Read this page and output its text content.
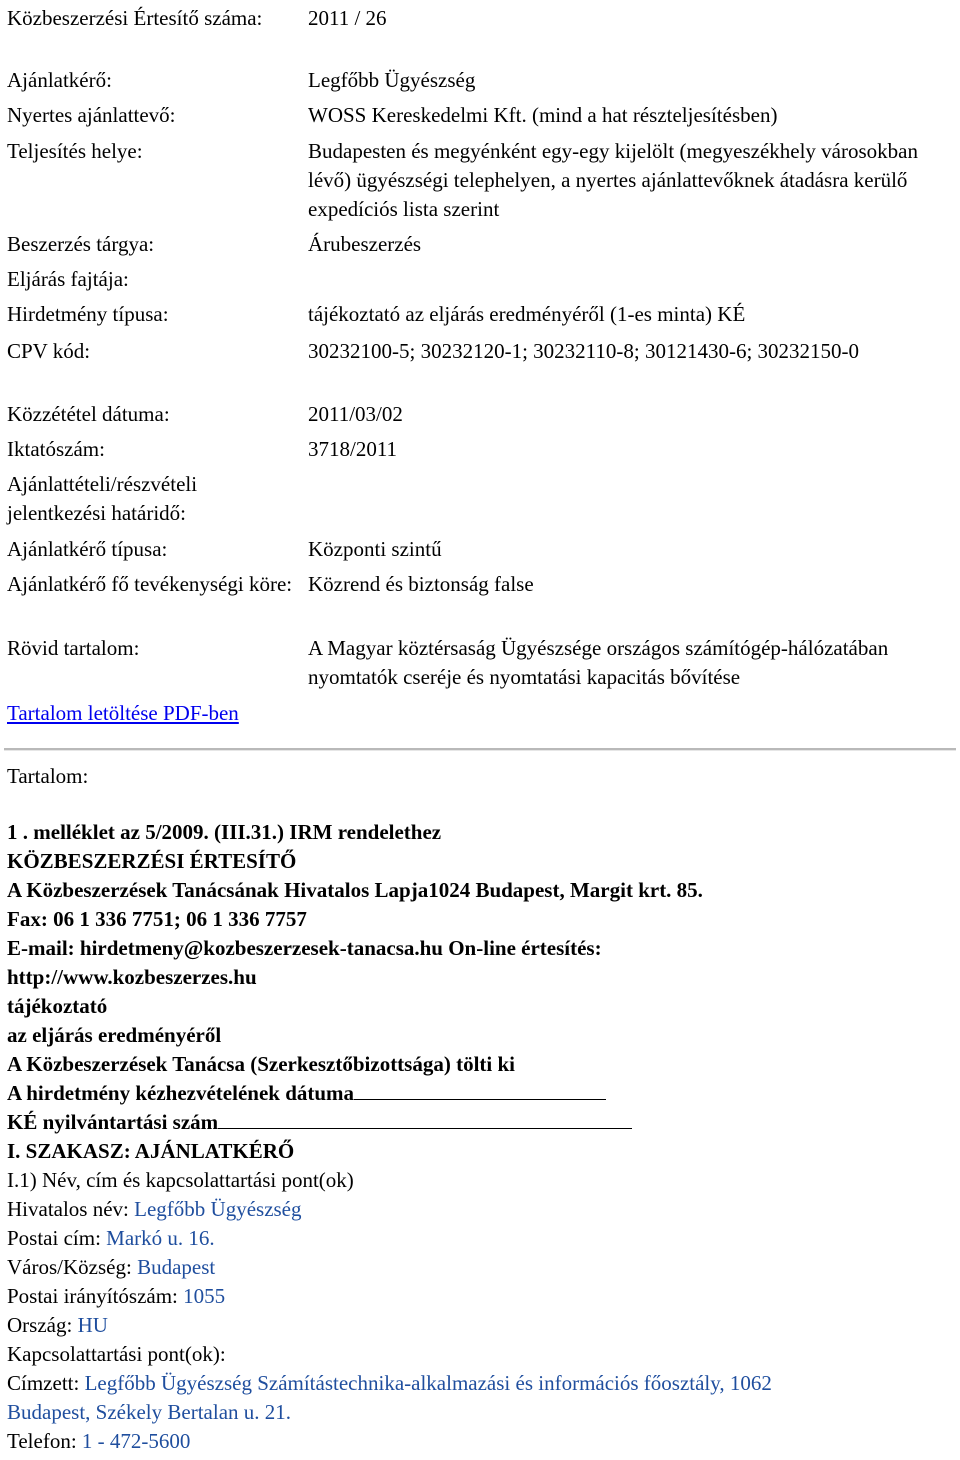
Közbeszerzési Értesítő száma:	2011 / 26
Ajánlatkérő:	Legfőbb Ügyészség
Nyertes ajánlattevő:	WOSS Kereskedelmi Kft. (mind a hat részteljesítésben)
Teljesítés helye:	Budapesten és megyénként egy-egy kijelölt (megyeszékhely városokban lévő) ügyészségi telephelyen, a nyertes ajánlattevőknek átadásra kerülő expedíciós lista szerint
Beszerzés tárgya:	Árubeszerzés
Eljárás fajtája:
Hirdetmény típusa:	tájékoztató az eljárás eredményéről (1-es minta) KÉ
CPV kód:	30232100-5; 30232120-1; 30232110-8; 30121430-6; 30232150-0
Közzététel dátuma:	2011/03/02
Iktatószám:	3718/2011
Ajánlattételi/részvételi jelentkezési határidő:
Ajánlatkérő típusa:	Központi szintű
Ajánlatkérő fő tevékenységi köre: Közrend és biztonság false
Rövid tartalom:	A Magyar köztérsaság Ügyészsége országos számítógép-hálózatában nyomtatók cseréje és nyomtatási kapacitás bővítése
Tartalom letöltése PDF-ben
Tartalom:
1 . melléklet az 5/2009. (III.31.) IRM rendelethez
KÖZBESZERZÉSI ÉRTESÍTŐ
A Közbeszerzések Tanácsának Hivatalos Lapja1024 Budapest, Margit krt. 85.
Fax: 06 1 336 7751; 06 1 336 7757
E-mail: hirdetmeny@kozbeszerzesek-tanacsa.hu On-line értesítés:
http://www.kozbeszerzes.hu
tájékoztató
az eljárás eredményéről
A Közbeszerzések Tanácsa (Szerkesztőbizottsága) tölti ki
A hirdetmény kézhezvételének dátuma
KÉ nyilvántartási szám
I. SZAKASZ: AJÁNLATKÉRŐ
I.1) Név, cím és kapcsolattartási pont(ok)
Hivatalos név: Legfőbb Ügyészség
Postai cím: Markó u. 16.
Város/Község: Budapest
Postai irányítószám: 1055
Ország: HU
Kapcsolattartási pont(ok):
Címzett: Legfőbb Ügyészség Számítástechnika-alkalmazási és információs főosztály, 1062
Budapest, Székely Bertalan u. 21.
Telefon: 1 - 472-5600
